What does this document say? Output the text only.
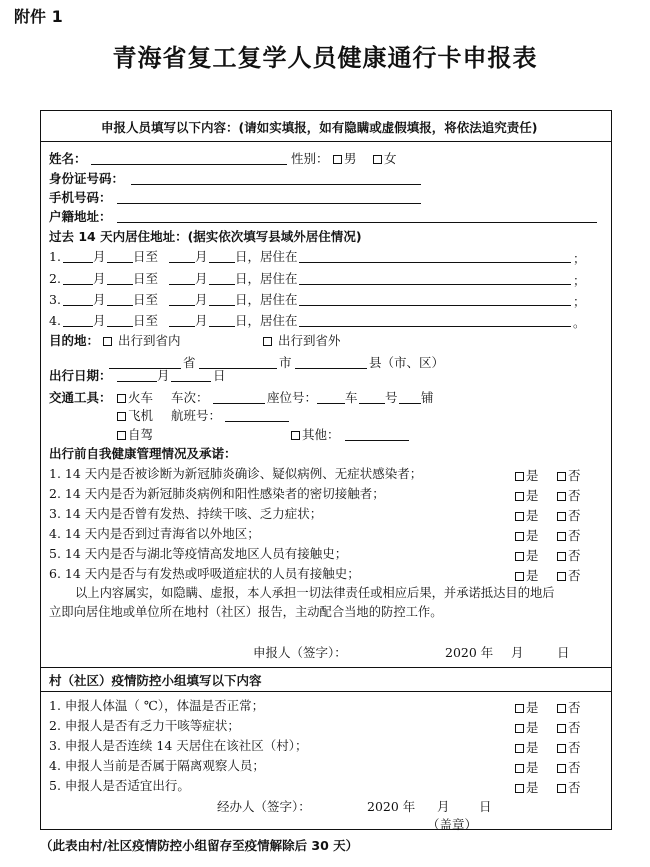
附件 1
青海省复工复学人员健康通行卡申报表
申报人员填写以下内容：(请如实填报，如有隐瞒或虚假填报，将依法追究责任)
姓名：	性别：	男	女
身份证号码：
手机号码：
户籍地址：
过去 14 天内居住地址：(据实依次填写县域外居住情况)
1.	月 日至	月 日，居住在	；
2.	月 日至	月 日，居住在	；
3.	月 日至	月 日，居住在	；
4.	月 日至	月 日，居住在	。
目的地：	出行到省内	出行到省外
省	市	县（市、区）
出行日期：	月	日
交通工具：	火车 车次：	座位号： 车 号 铺
飞机 航班号：
自驾	其他：
出行前自我健康管理情况及承诺：
1. 14 天内是否被诊断为新冠肺炎确诊、疑似病例、无症状感染者；	是	否
2. 14 天内是否为新冠肺炎病例和阳性感染者的密切接触者；	是	否
3. 14 天内是否曾有发热、持续干咳、乏力症状；	是	否
4. 14 天内是否到过青海省以外地区；	是	否
5. 14 天内是否与湖北等疫情高发地区人员有接触史；	是	否
6. 14 天内是否与有发热或呼吸道症状的人员有接触史；	是	否
以上内容属实，如隐瞒、虚报，本人承担一切法律责任或相应后果，并承诺抵达目的地后
立即向居住地或单位所在地村（社区）报告，主动配合当地的防控工作。
申报人（签字）：	2020 年 月	日
村（社区）疫情防控小组填写以下内容
1. 申报人体温（ ℃），体温是否正常；	是	否
2. 申报人是否有乏力干咳等症状；	是	否
3. 申报人是否连续 14 天居住在该社区（村）；	是	否
4. 申报人当前是否属于隔离观察人员；	是	否
5. 申报人是否适宜出行。	是	否
经办人（签字）：	2020 年 月 日
（盖章）
（此表由村/社区疫情防控小组留存至疫情解除后 30 天）
